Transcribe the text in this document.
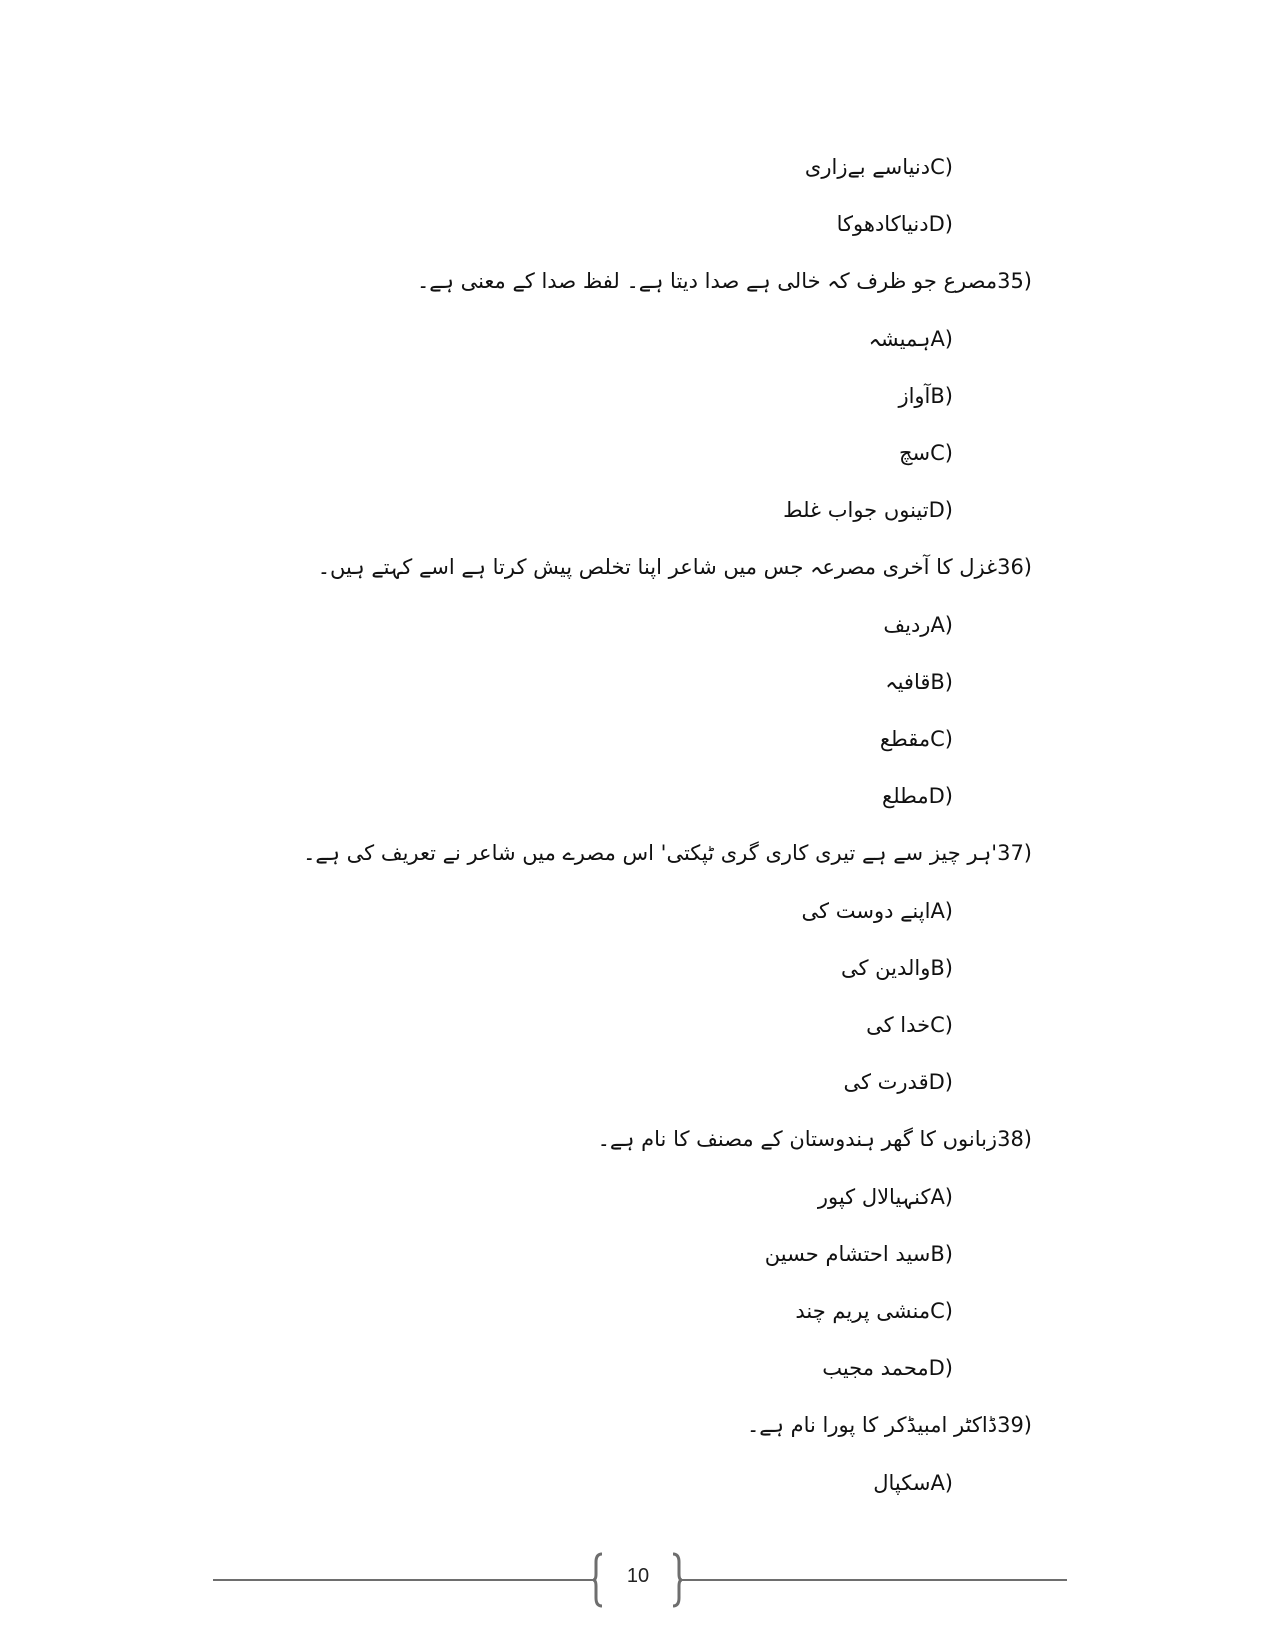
C)دنیاسے بےزاری
D)دنیاکادھوکا
35)مصرع جو ظرف کہ خالی ہے صدا دیتا ہے۔ لفظ صدا کے معنی ہے۔
A)ہمیشہ
B)آواز
C)سچ
D)تینوں جواب غلط
36)غزل کا آخری مصرعہ جس میں شاعر اپنا تخلص پیش کرتا ہے اسے کہتے ہیں۔
A)ردیف
B)قافیہ
C)مقطع
D)مطلع
37)'ہر چیز سے ہے تیری کاری گری ٹپکتی' اس مصرے میں شاعر نے تعریف کی ہے۔
A)اپنے دوست کی
B)والدین کی
C)خدا کی
D)قدرت کی
38)زبانوں کا گھر ہندوستان کے مصنف کا نام ہے۔
A)کنہیالال کپور
B)سید احتشام حسین
C)منشی پریم چند
D)محمد مجیب
39)ڈاکٹر امبیڈکر کا پورا نام ہے۔
A)سکپال
10
